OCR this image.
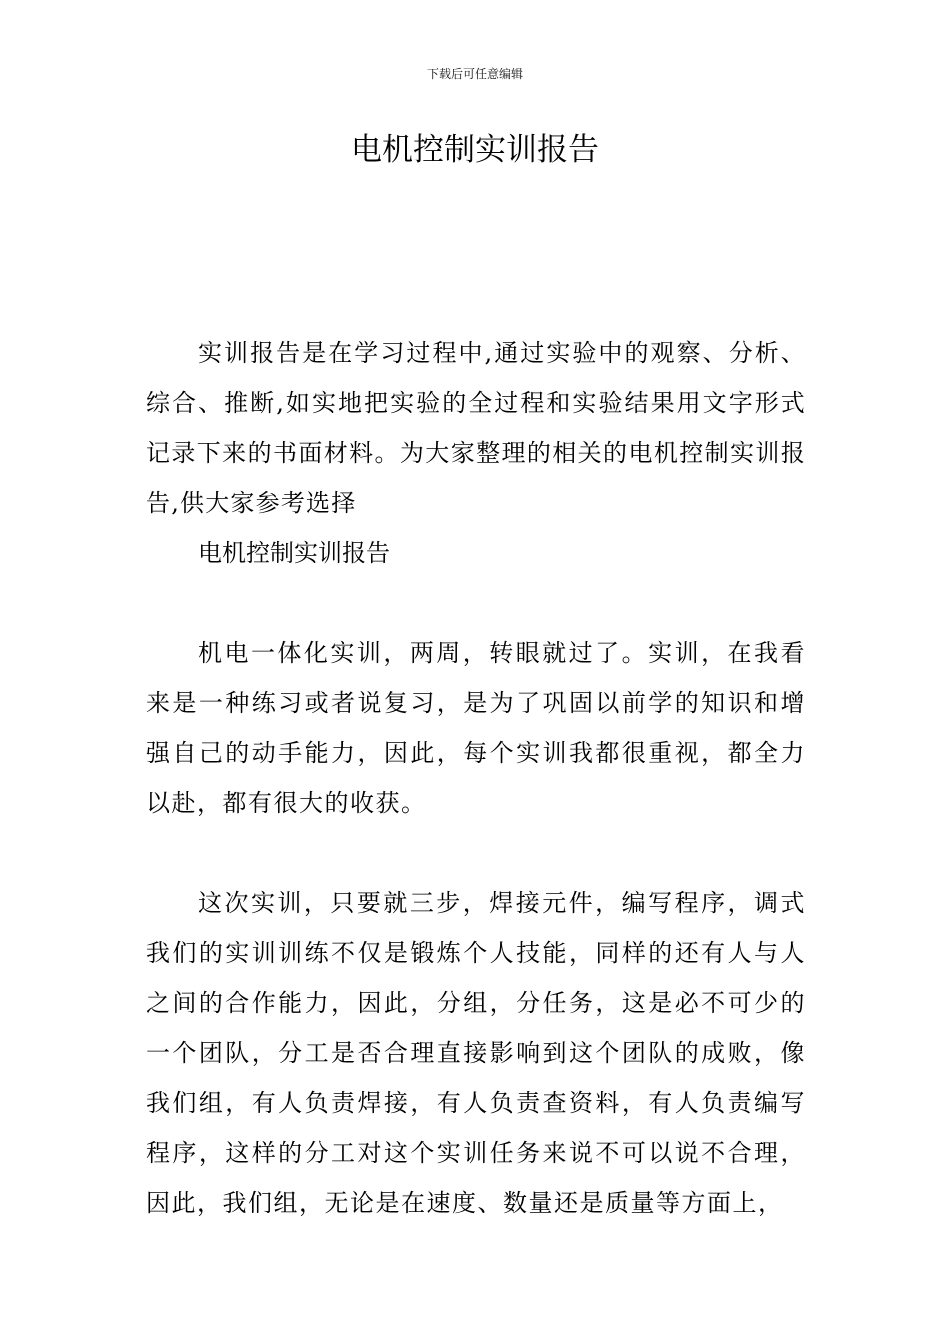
下载后可任意编辑
电机控制实训报告

实训报告是在学习过程中,通过实验中的观察、分析、综合、推断,如实地把实验的全过程和实验结果用文字形式记录下来的书面材料。为大家整理的相关的电机控制实训报告,供大家参考选择

电机控制实训报告

机电一体化实训，两周，转眼就过了。实训，在我看来是一种练习或者说复习，是为了巩固以前学的知识和增强自己的动手能力，因此，每个实训我都很重视，都全力以赴，都有很大的收获。

这次实训，只要就三步，焊接元件，编写程序，调式我们的实训训练不仅是锻炼个人技能，同样的还有人与人之间的合作能力，因此，分组，分任务，这是必不可少的一个团队，分工是否合理直接影响到这个团队的成败，像我们组，有人负责焊接，有人负责查资料，有人负责编写程序，这样的分工对这个实训任务来说不可以说不合理，因此，我们组，无论是在速度、数量还是质量等方面上，
